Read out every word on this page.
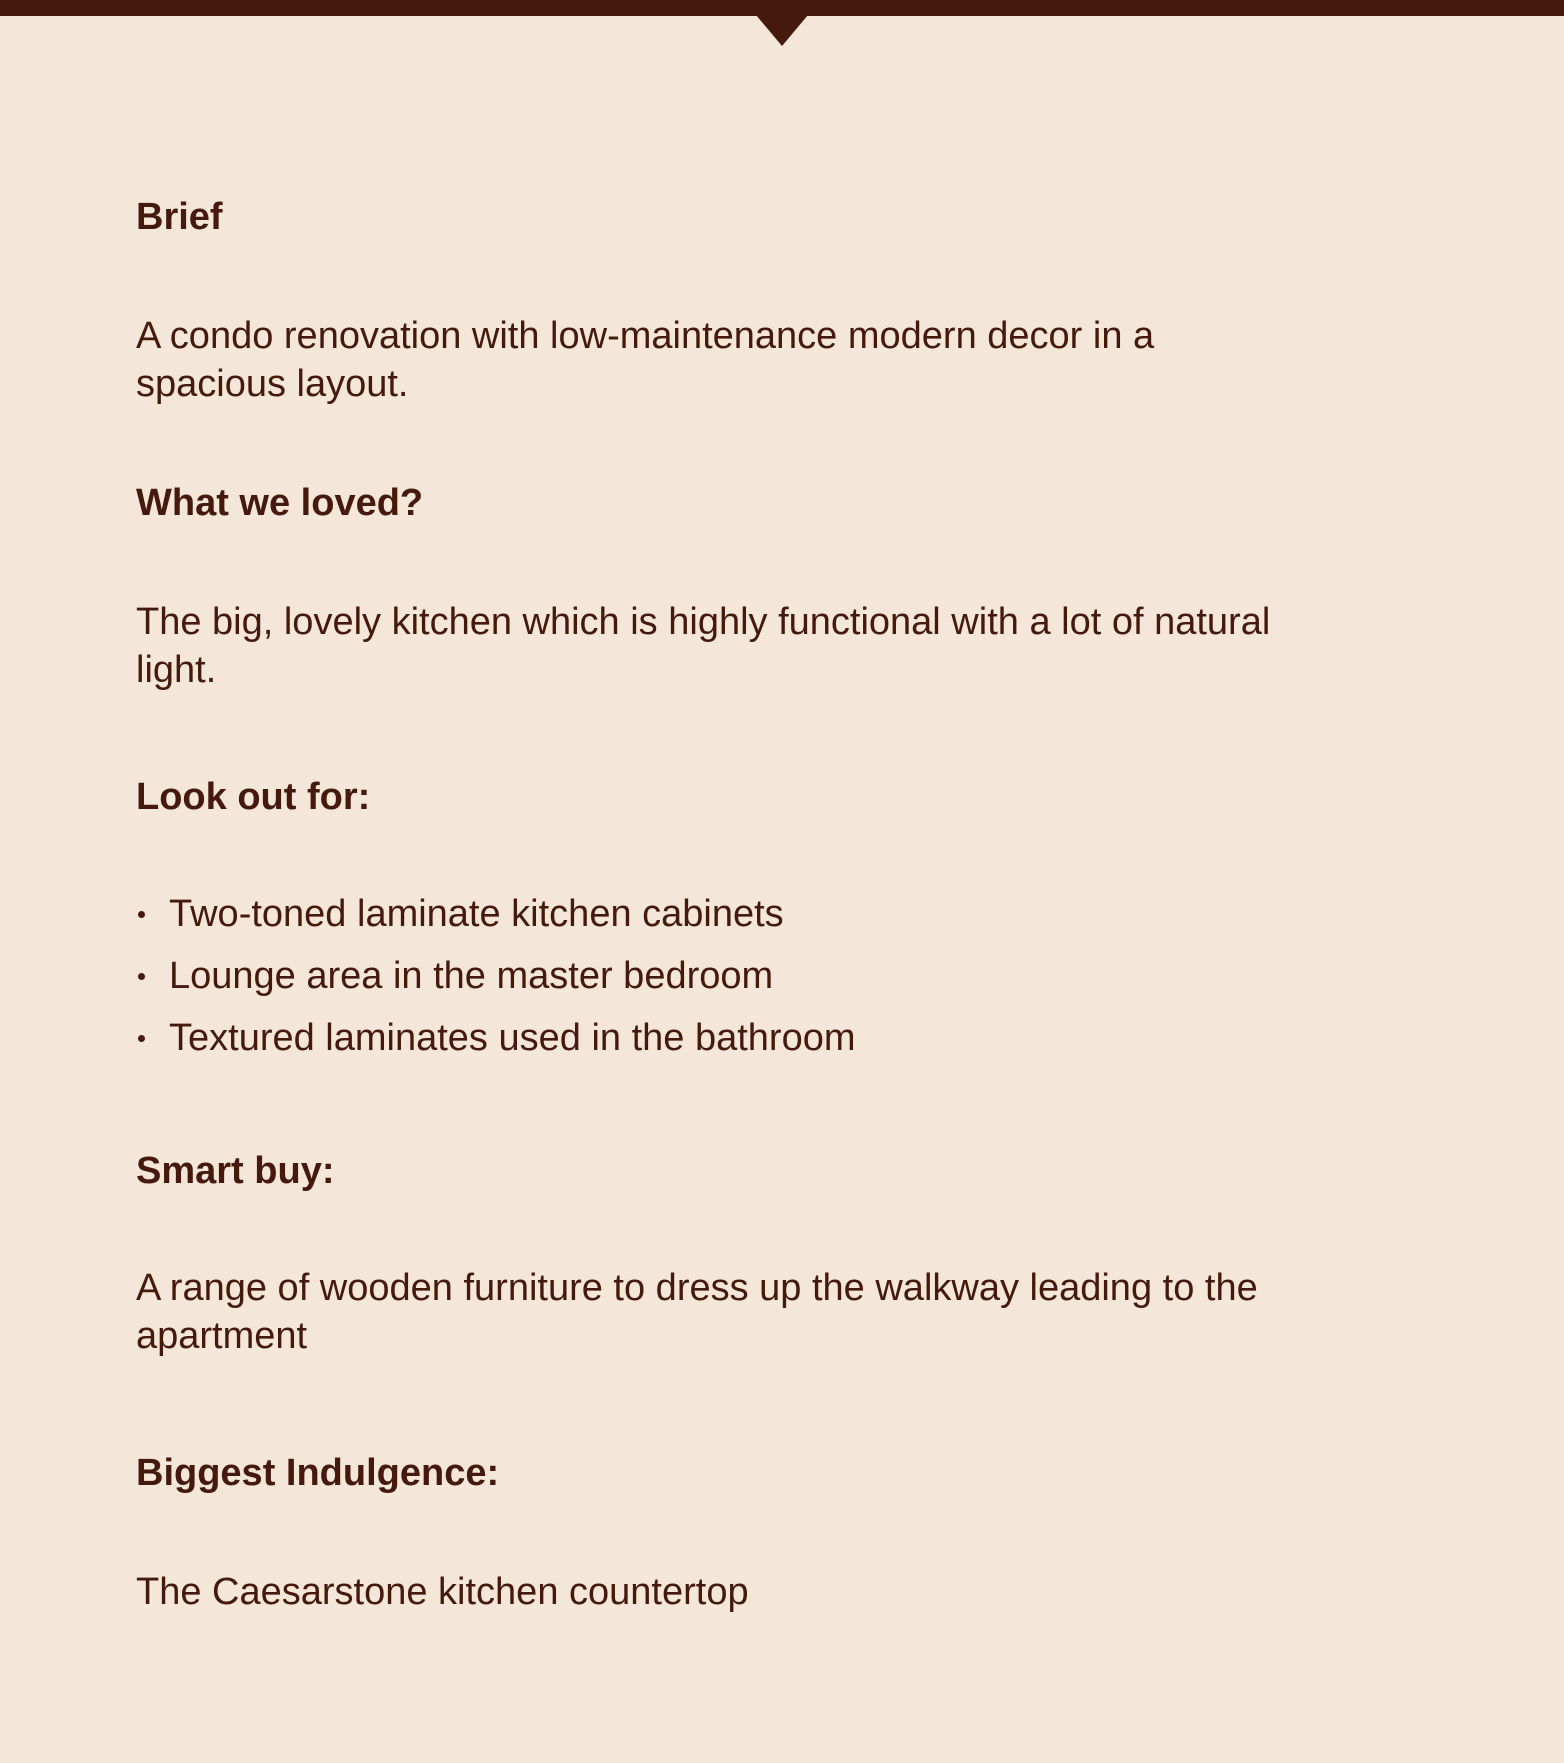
Brief

A condo renovation with low-maintenance modern decor in a spacious layout.

What we loved?

The big, lovely kitchen which is highly functional with a lot of natural light.

Look out for:
Two-toned laminate kitchen cabinets
Lounge area in the master bedroom
Textured laminates used in the bathroom
Smart buy:

A range of wooden furniture to dress up the walkway leading to the apartment

Biggest Indulgence:

The Caesarstone kitchen countertop
